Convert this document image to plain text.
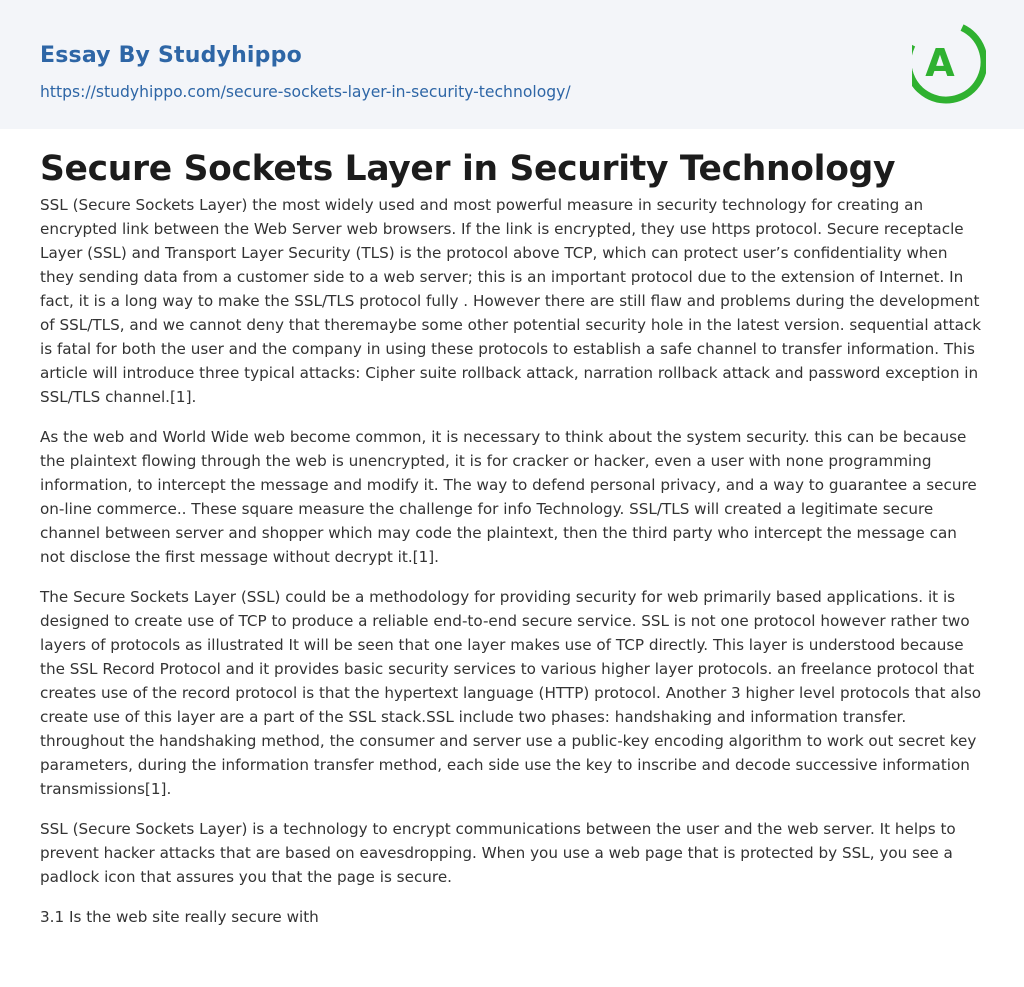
Essay By Studyhippo
https://studyhippo.com/secure-sockets-layer-in-security-technology/
A
Secure Sockets Layer in Security Technology

SSL (Secure Sockets Layer) the most widely used and most powerful measure in security technology for creating an encrypted link between the Web Server web browsers. If the link is encrypted, they use https protocol. Secure receptacle Layer (SSL) and Transport Layer Security (TLS) is the protocol above TCP, which can protect user’s confidentiality when they sending data from a customer side to a web server; this is an important protocol due to the extension of Internet. In fact, it is a long way to make the SSL/TLS protocol fully . However there are still flaw and problems during the development of SSL/TLS, and we cannot deny that theremaybe some other potential security hole in the latest version. sequential attack is fatal for both the user and the company in using these protocols to establish a safe channel to transfer information. This article will introduce three typical attacks: Cipher suite rollback attack, narration rollback attack and password exception in SSL/TLS channel.[1].

As the web and World Wide web become common, it is necessary to think about the system security. this can be because the plaintext flowing through the web is unencrypted, it is for cracker or hacker, even a user with none programming information, to intercept the message and modify it. The way to defend personal privacy, and a way to guarantee a secure on-line commerce.. These square measure the challenge for info Technology. SSL/TLS will created a legitimate secure channel between server and shopper which may code the plaintext, then the third party who intercept the message can not disclose the first message without decrypt it.[1].

The Secure Sockets Layer (SSL) could be a methodology for providing security for web primarily based applications. it is designed to create use of TCP to produce a reliable end-to-end secure service. SSL is not one protocol however rather two layers of protocols as illustrated It will be seen that one layer makes use of TCP directly. This layer is understood because the SSL Record Protocol and it provides basic security services to various higher layer protocols. an freelance protocol that creates use of the record protocol is that the hypertext language (HTTP) protocol. Another 3 higher level protocols that also create use of this layer are a part of the SSL stack.SSL include two phases: handshaking and information transfer. throughout the handshaking method, the consumer and server use a public-key encoding algorithm to work out secret key parameters, during the information transfer method, each side use the key to inscribe and decode successive information transmissions[1].

SSL (Secure Sockets Layer) is a technology to encrypt communications between the user and the web server. It helps to prevent hacker attacks that are based on eavesdropping. When you use a web page that is protected by SSL, you see a padlock icon that assures you that the page is secure.

3.1 Is the web site really secure with
